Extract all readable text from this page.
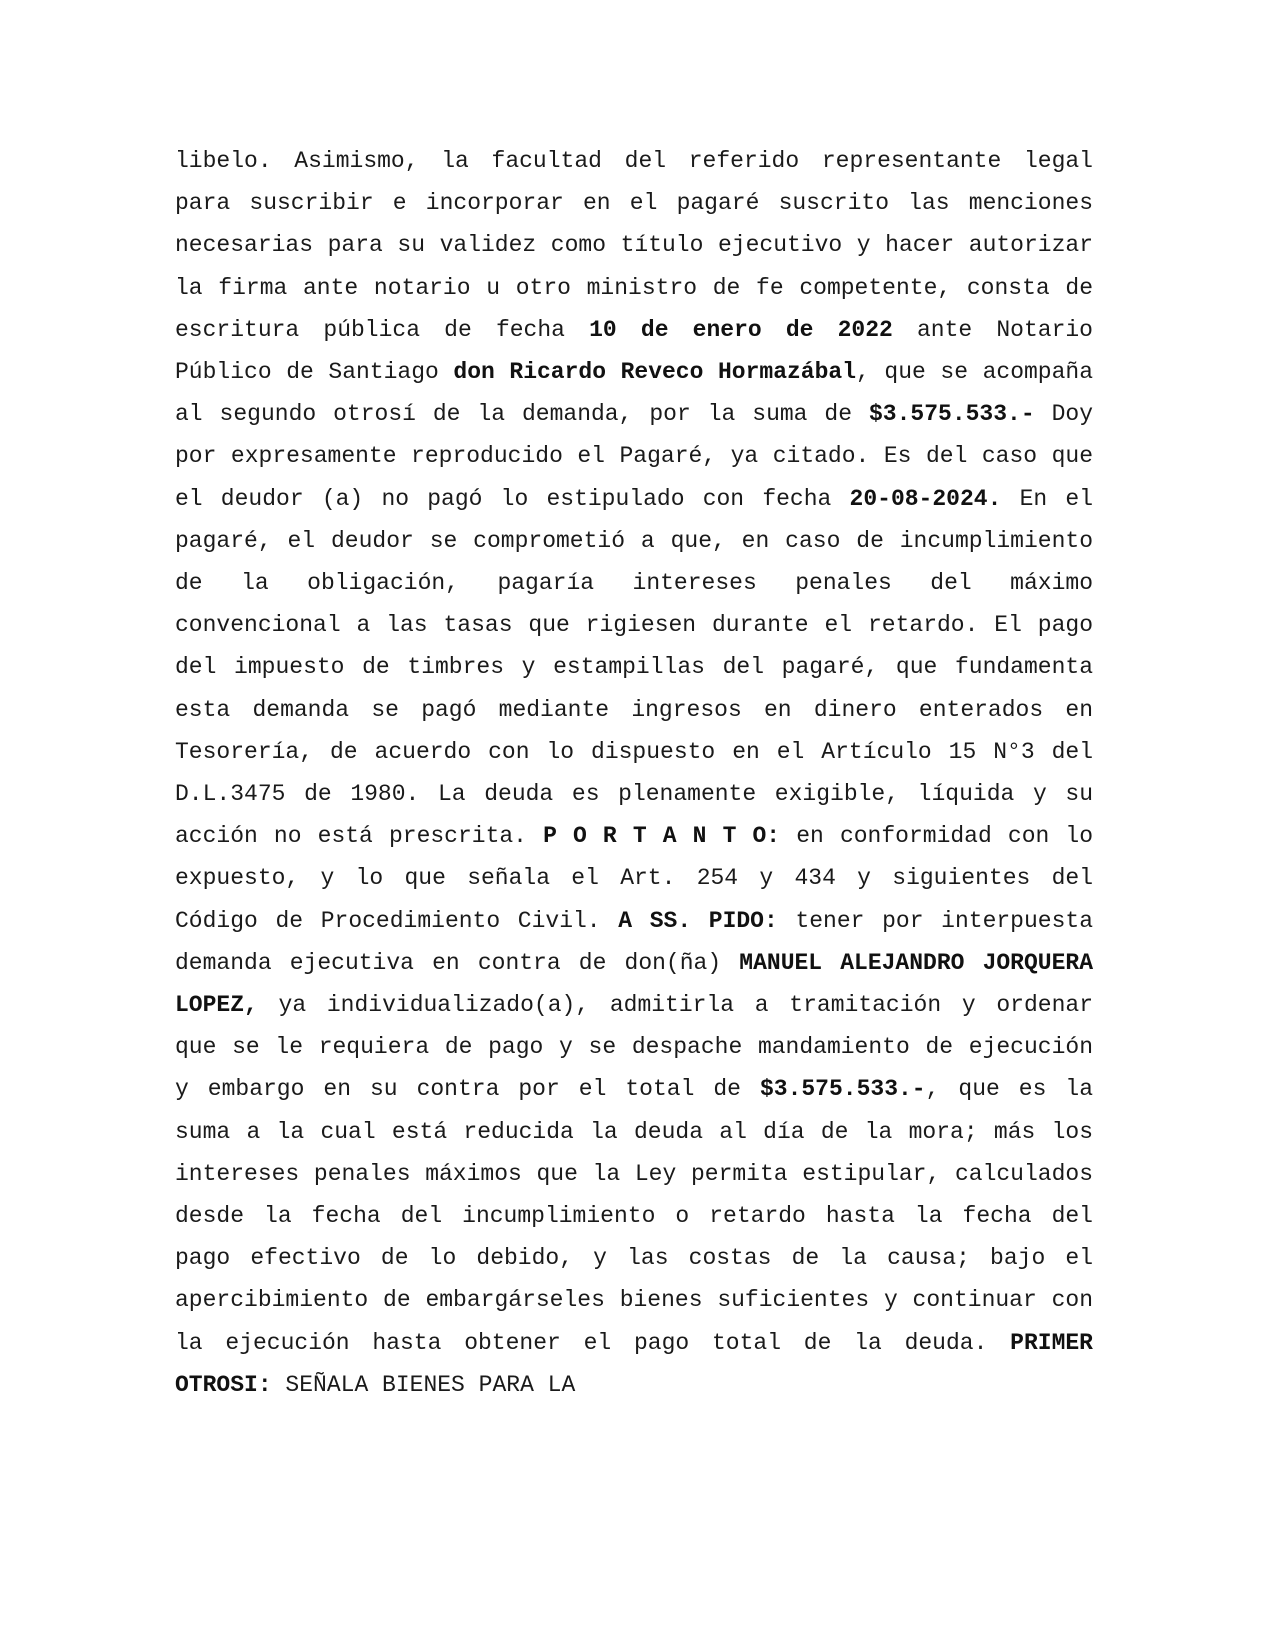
libelo. Asimismo, la facultad del referido representante legal para suscribir e incorporar en el pagaré suscrito las menciones necesarias para su validez como título ejecutivo y hacer autorizar la firma ante notario u otro ministro de fe competente, consta de escritura pública de fecha 10 de enero de 2022 ante Notario Público de Santiago don Ricardo Reveco Hormazábal, que se acompaña al segundo otrosí de la demanda, por la suma de $3.575.533.- Doy por expresamente reproducido el Pagaré, ya citado. Es del caso que el deudor (a) no pagó lo estipulado con fecha 20-08-2024. En el pagaré, el deudor se comprometió a que, en caso de incumplimiento de la obligación, pagaría intereses penales del máximo convencional a las tasas que rigiesen durante el retardo. El pago del impuesto de timbres y estampillas del pagaré, que fundamenta esta demanda se pagó mediante ingresos en dinero enterados en Tesorería, de acuerdo con lo dispuesto en el Artículo 15 N°3 del D.L.3475 de 1980. La deuda es plenamente exigible, líquida y su acción no está prescrita. P O R T A N T O: en conformidad con lo expuesto, y lo que señala el Art. 254 y 434 y siguientes del Código de Procedimiento Civil. A SS. PIDO: tener por interpuesta demanda ejecutiva en contra de don(ña) MANUEL ALEJANDRO JORQUERA LOPEZ, ya individualizado(a), admitirla a tramitación y ordenar que se le requiera de pago y se despache mandamiento de ejecución y embargo en su contra por el total de $3.575.533.-, que es la suma a la cual está reducida la deuda al día de la mora; más los intereses penales máximos que la Ley permita estipular, calculados desde la fecha del incumplimiento o retardo hasta la fecha del pago efectivo de lo debido, y las costas de la causa; bajo el apercibimiento de embargárseles bienes suficientes y continuar con la ejecución hasta obtener el pago total de la deuda. PRIMER OTROSI: SEÑALA BIENES PARA LA
